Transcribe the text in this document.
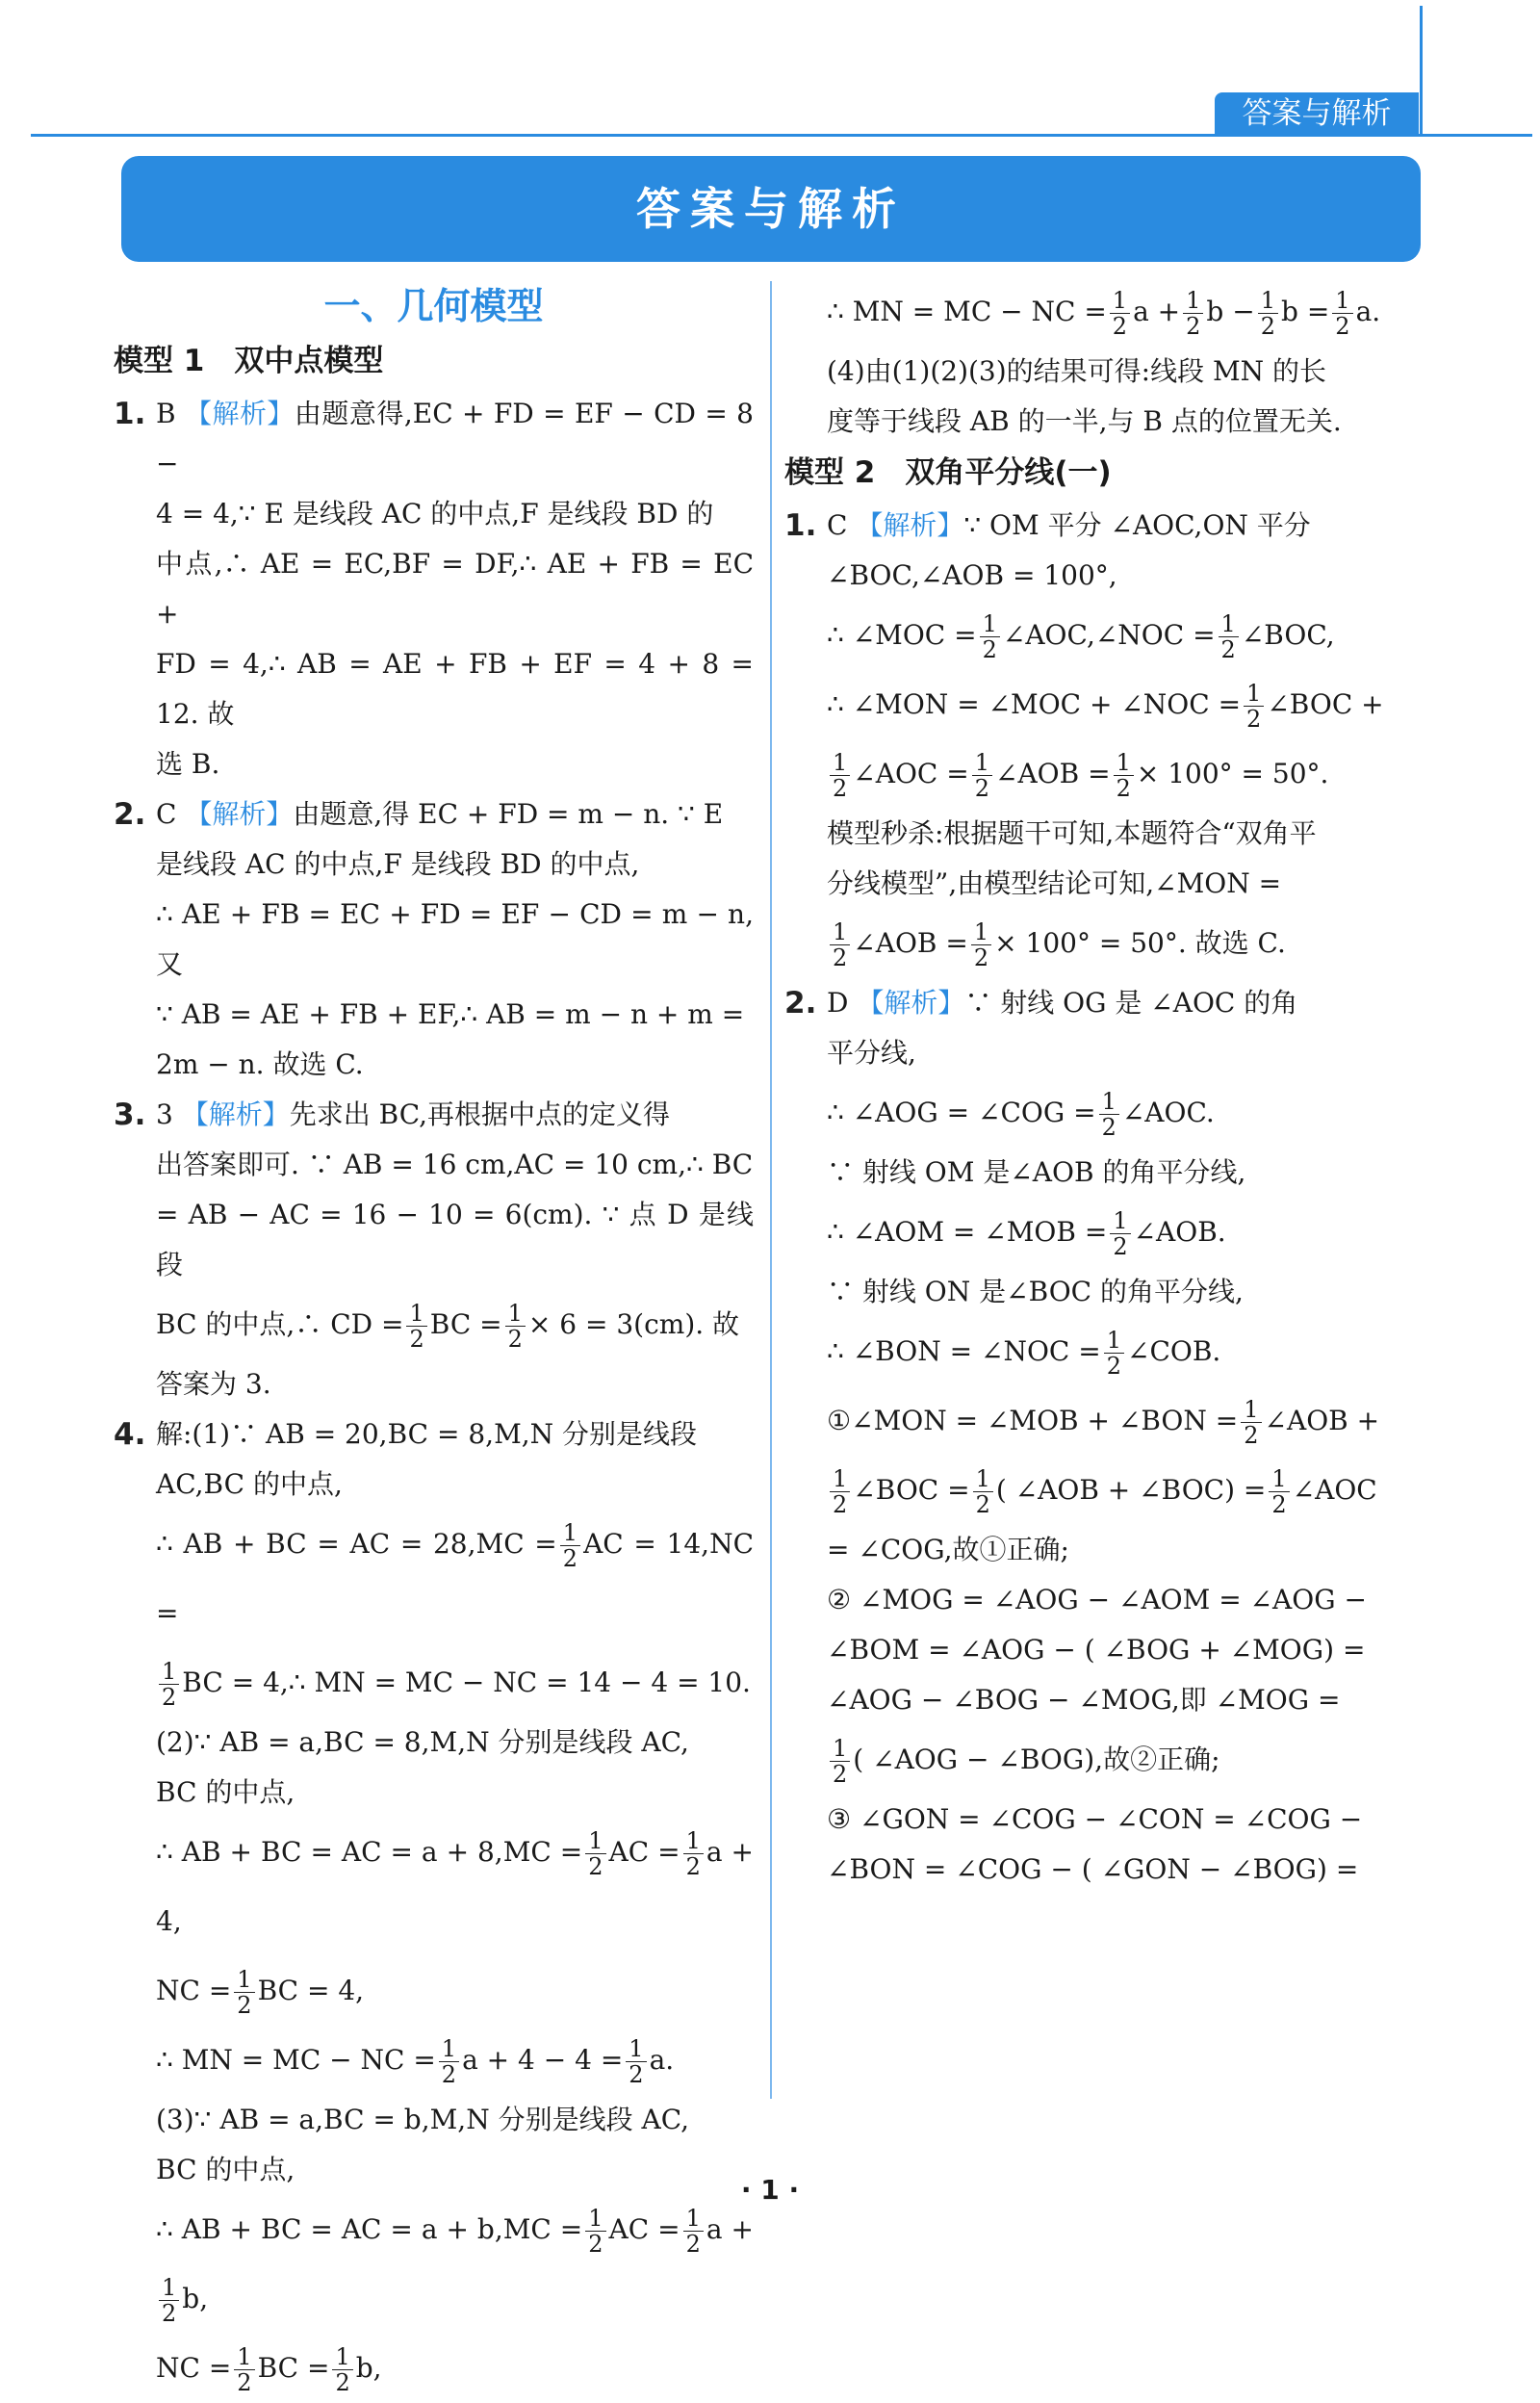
答案与解析
答案与解析
一、几何模型
模型 1　双中点模型
1. B 【解析】由题意得,EC + FD = EF − CD = 8 −
4 = 4,∵ E 是线段 AC 的中点,F 是线段 BD 的
中点,∴ AE = EC,BF = DF,∴ AE + FB = EC +
FD = 4,∴ AB = AE + FB + EF = 4 + 8 = 12. 故
选 B.
2. C 【解析】由题意,得 EC + FD = m − n. ∵ E
是线段 AC 的中点,F 是线段 BD 的中点,
∴ AE + FB = EC + FD = EF − CD = m − n,又
∵ AB = AE + FB + EF,∴ AB = m − n + m =
2m − n. 故选 C.
3. 3 【解析】先求出 BC,再根据中点的定义得
出答案即可. ∵ AB = 16 cm,AC = 10 cm,∴ BC
= AB − AC = 16 − 10 = 6(cm). ∵ 点 D 是线段
BC 的中点,∴ CD = $\frac{1}{2}$ BC = $\frac{1}{2} \times 6 = 3(cm)$. 故
答案为 3.
4. 解:(1)∵ AB = 20,BC = 8,M,N 分别是线段
AC,BC 的中点,
∴ AB + BC = AC = $28,MC = \frac{1}{2}$ AC = 14,NC =
$\frac{1}{2}$ BC = 4,∴ MN = MC − NC = 14 − 4 = 10.
(2)∵ AB = a,BC = 8,M,N 分别是线段 AC,
BC 的中点,
∴ AB + BC = AC = $a + 8,MC = \frac{1}{2}$ AC = $\frac{1}{2}$ a + 4,
NC = $\frac{1}{2}$ BC = 4,
∴ MN = MC − NC = $\frac{1}{2}$ $a + 4 - 4 = \frac{1}{2} a$.
(3)∵ AB = a,BC = b,M,N 分别是线段 AC,
BC 的中点,
∴ AB + BC = AC = $a + b,MC = \frac{1}{2}$ AC = $\frac{1}{2}$ a +
$\frac{1}{2} b$,
NC = $\frac{1}{2}$ BC = $\frac{1}{2} b$,
∴ MN = MC − NC = $\frac{1}{2}$ $a + \frac{1}{2}$ $b - \frac{1}{2}$ $b = \frac{1}{2} a$.
(4)由(1)(2)(3)的结果可得:线段 MN 的长
度等于线段 AB 的一半,与 B 点的位置无关.
模型 2　双角平分线(一)
1. C 【解析】∵ OM 平分 ∠AOC,ON 平分
∠BOC,∠AOB = 100°,
∴ ∠MOC = $\frac{1}{2}$ ∠AOC,∠NOC = $\frac{1}{2}$ ∠BOC,
∴ ∠MON = ∠MOC + ∠NOC = $\frac{1}{2}$ ∠BOC +
$\frac{1}{2}$ ∠AOC = $\frac{1}{2}$ ∠AOB = $\frac{1}{2} \times 100^\circ = 50^\circ$.
模型秒杀:根据题干可知,本题符合“双角平
分线模型”,由模型结论可知,∠MON =
$\frac{1}{2}$ ∠AOB = $\frac{1}{2} \times 100^\circ = 50^\circ$. 故选 C.
2. D 【解析】∵ 射线 OG 是 ∠AOC 的角
平分线,
∴ ∠AOG = ∠COG = $\frac{1}{2}$ ∠AOC.
∵ 射线 OM 是∠AOB 的角平分线,
∴ ∠AOM = ∠MOB = $\frac{1}{2}$ ∠AOB.
∵ 射线 ON 是∠BOC 的角平分线,
∴ ∠BON = ∠NOC = $\frac{1}{2}$ ∠COB.
①∠MON = ∠MOB + ∠BON = $\frac{1}{2}$ ∠AOB +
$\frac{1}{2}$ ∠BOC = $\frac{1}{2}$ ( ∠AOB + ∠BOC) = $\frac{1}{2}$ ∠AOC
= ∠COG,故①正确;
② ∠MOG = ∠AOG − ∠AOM = ∠AOG −
∠BOM = ∠AOG − ( ∠BOG + ∠MOG) =
∠AOG − ∠BOG − ∠MOG,即 ∠MOG =
$\frac{1}{2}$ ( ∠AOG − ∠BOG),故②正确;
③ ∠GON = ∠COG − ∠CON = ∠COG −
∠BON = ∠COG − ( ∠GON − ∠BOG) =
· 1 ·
